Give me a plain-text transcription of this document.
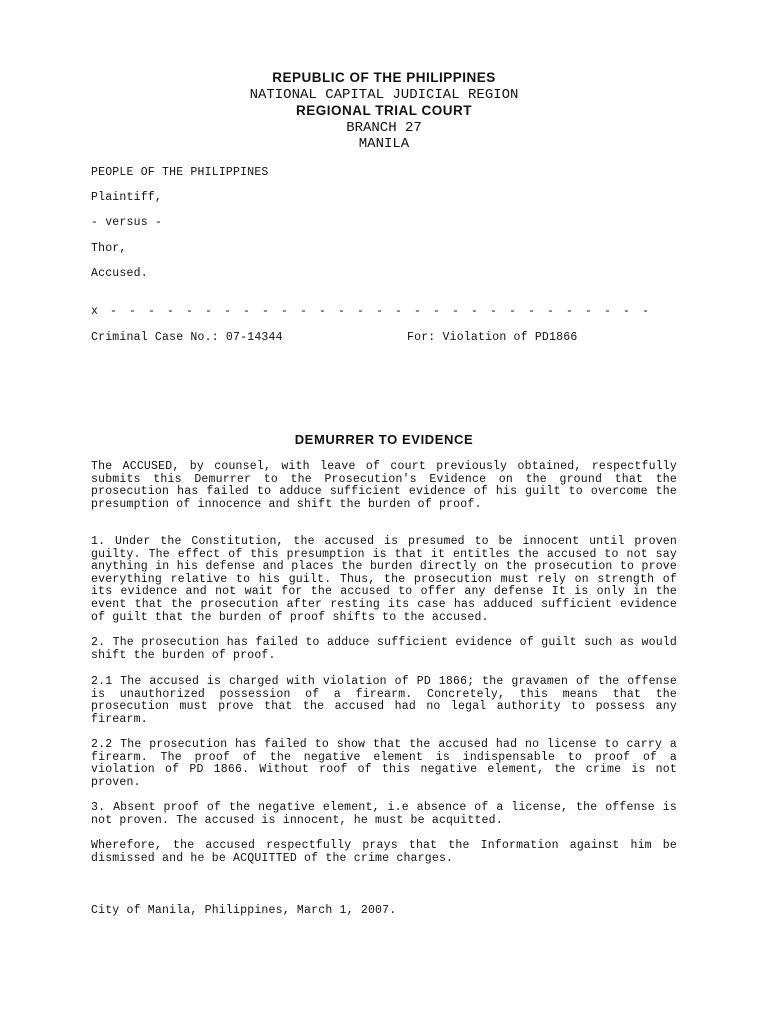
REPUBLIC OF THE PHILIPPINES
NATIONAL CAPITAL JUDICIAL REGION
REGIONAL TRIAL COURT
BRANCH 27
MANILA
PEOPLE OF THE PHILIPPINES
Plaintiff,
- versus -
Thor,
Accused.
x - - - - - - - - - - - - - - - - - - - - - - - - - - - - -
Criminal Case No.: 07-14344	For: Violation of PD1866
DEMURRER TO EVIDENCE

The ACCUSED, by counsel, with leave of court previously obtained, respectfully submits this Demurrer to the Prosecution's Evidence on the ground that the prosecution has failed to adduce sufficient evidence of his guilt to overcome the presumption of innocence and shift the burden of proof.

1. Under the Constitution, the accused is presumed to be innocent until proven guilty. The effect of this presumption is that it entitles the accused to not say anything in his defense and places the burden directly on the prosecution to prove everything relative to his guilt. Thus, the prosecution must rely on strength of its evidence and not wait for the accused to offer any defense It is only in the event that the prosecution after resting its case has adduced sufficient evidence of guilt that the burden of proof shifts to the accused.

2. The prosecution has failed to adduce sufficient evidence of guilt such as would shift the burden of proof.

2.1 The accused is charged with violation of PD 1866; the gravamen of the offense is unauthorized possession of a firearm. Concretely, this means that the prosecution must prove that the accused had no legal authority to possess any firearm.

2.2 The prosecution has failed to show that the accused had no license to carry a firearm. The proof of the negative element is indispensable to proof of a violation of PD 1866. Without roof of this negative element, the crime is not proven.

3. Absent proof of the negative element, i.e absence of a license, the offense is not proven. The accused is innocent, he must be acquitted.

Wherefore, the accused respectfully prays that the Information against him be dismissed and he be ACQUITTED of the crime charges.

City of Manila, Philippines, March 1, 2007.
